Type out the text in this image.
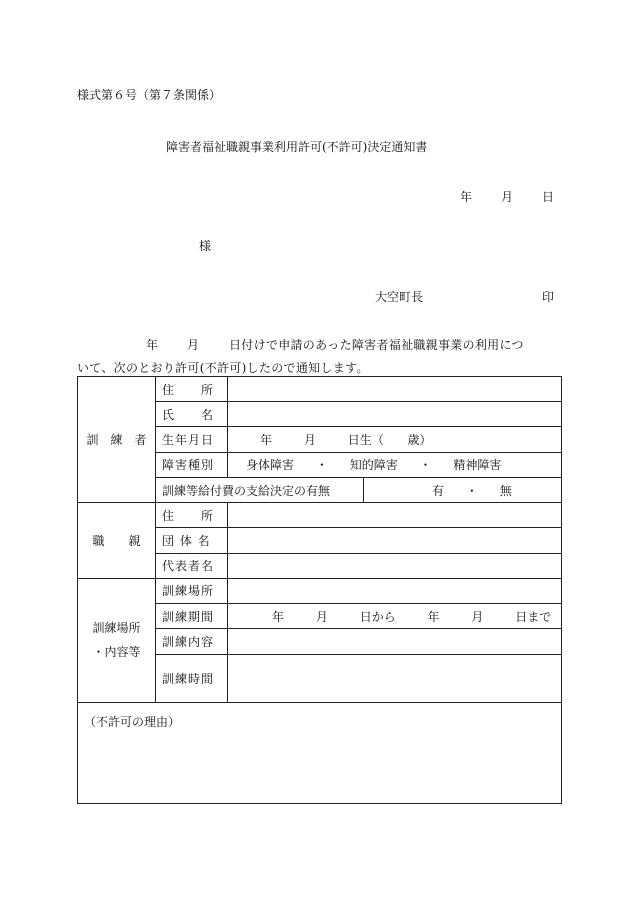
様式第６号（第７条関係）
障害者福祉職親事業利用許可(不許可)決定通知書
年 月 日
様
大空町長	印
年 月 日付けで申請のあった障害者福祉職親事業の利用につ
いて、次のとおり許可(不許可)したので通知します。
訓　練　者	住　　所		
	氏　　名		
	生年月日	年 月 日生（ 歳）	
	障害種別	身体障害 ・ 知的障害 ・ 精神障害	
	訓練等給付費の支給決定の有無		有 ・ 無
職　　親	住　　所		
	団 体 名		
	代表者名		

訓練場所
・内容等	訓練場所		
	訓練期間	年 月 日から 年 月 日まで	
	訓練内容		
	訓練時間		
（不許可の理由）			
